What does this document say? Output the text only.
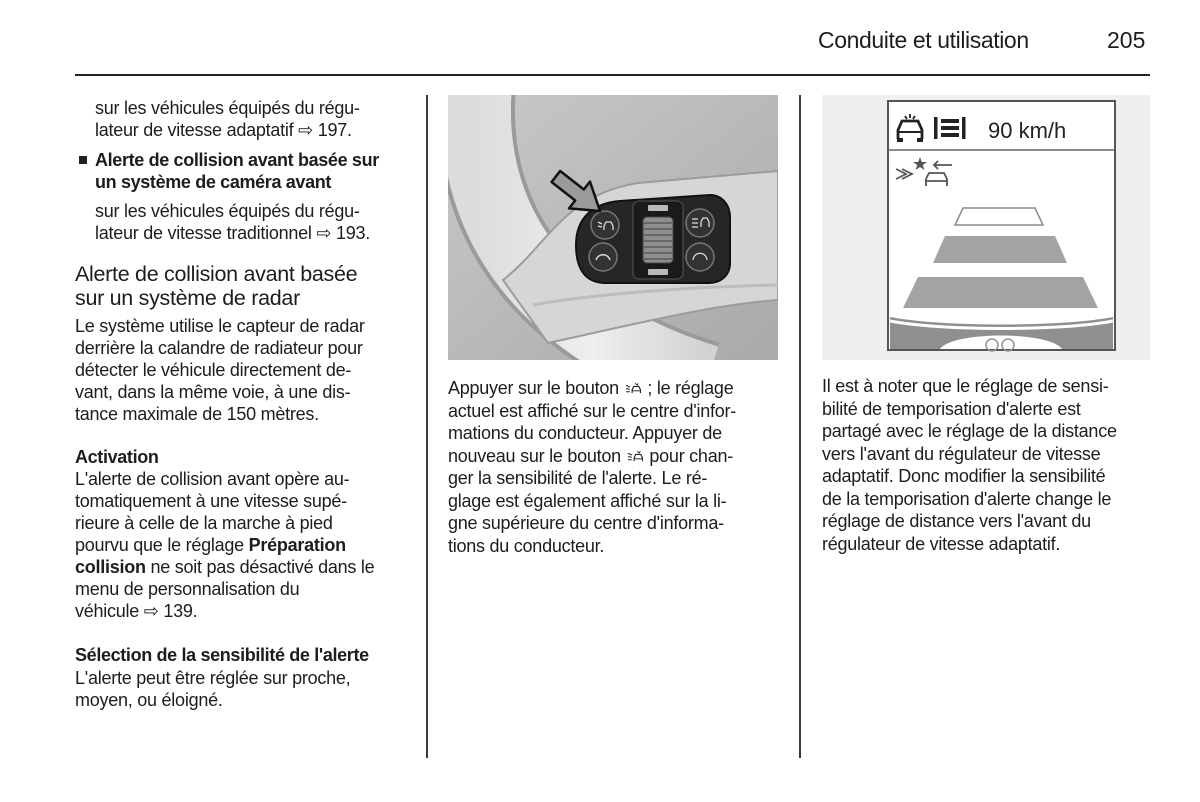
Conduite et utilisation	205
sur les véhicules équipés du régu-
lateur de vitesse adaptatif ⇨ 197.
Alerte de collision avant basée sur
un système de caméra avant
sur les véhicules équipés du régu-
lateur de vitesse traditionnel ⇨ 193.
Alerte de collision avant basée
sur un système de radar
Le système utilise le capteur de radar
derrière la calandre de radiateur pour
détecter le véhicule directement de-
vant, dans la même voie, à une dis-
tance maximale de 150 mètres.
Activation
L'alerte de collision avant opère au-
tomatiquement à une vitesse supé-
rieure à celle de la marche à pied
pourvu que le réglage Préparation
collision ne soit pas désactivé dans le
menu de personnalisation du
véhicule ⇨ 139.
Sélection de la sensibilité de l'alerte
L'alerte peut être réglée sur proche,
moyen, ou éloigné.
Appuyer sur le bouton
; le réglage
actuel est affiché sur le centre d'infor-
mations du conducteur. Appuyer de
nouveau sur le bouton
pour chan-
ger la sensibilité de l'alerte. Le ré-
glage est également affiché sur la li-
gne supérieure du centre d'informa-
tions du conducteur.
90 km/h
Il est à noter que le réglage de sensi-
bilité de temporisation d'alerte est
partagé avec le réglage de la distance
vers l'avant du régulateur de vitesse
adaptatif. Donc modifier la sensibilité
de la temporisation d'alerte change le
réglage de distance vers l'avant du
régulateur de vitesse adaptatif.
